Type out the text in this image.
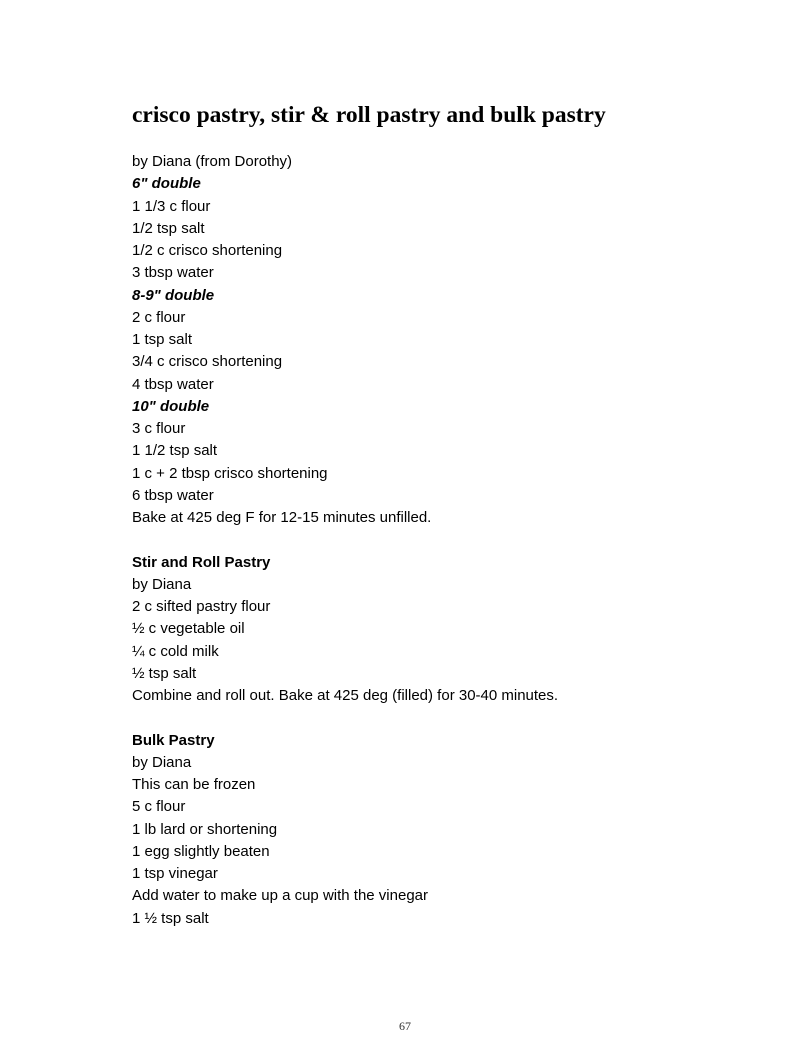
crisco pastry, stir & roll pastry and bulk pastry
by Diana (from Dorothy)
6" double
1 1/3 c flour
1/2 tsp salt
1/2 c crisco shortening
3 tbsp water
8-9" double
2 c flour
1 tsp salt
3/4 c crisco shortening
4 tbsp water
10" double
3 c flour
1 1/2 tsp salt
1 c + 2 tbsp crisco shortening
6 tbsp water
Bake at 425 deg F for 12-15 minutes unfilled.
Stir and Roll Pastry
by Diana
2 c sifted pastry flour
½ c vegetable oil
¼ c cold milk
½ tsp salt
Combine and roll out. Bake at 425 deg (filled) for 30-40 minutes.
Bulk Pastry
by Diana
This can be frozen
5 c flour
1 lb lard or shortening
1 egg slightly beaten
1 tsp vinegar
Add water to make up a cup with the vinegar
1 ½ tsp salt
67
